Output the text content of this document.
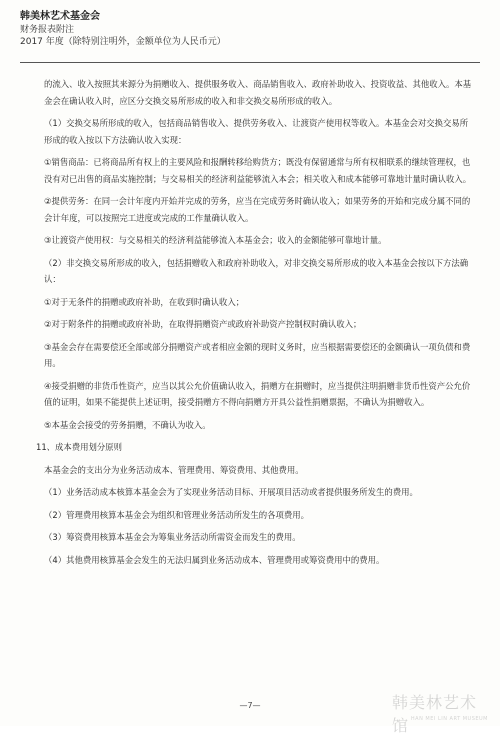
韩美林艺术基金会
财务报表附注
2017 年度（除特别注明外，金额单位为人民币元）

的流入、收入按照其来源分为捐赠收入、提供服务收入、商品销售收入、政府补助收入、投资收益、其他收入。本基金会在确认收入时，应区分交换交易所形成的收入和非交换交易所形成的收入。

（1）交换交易所形成的收入，包括商品销售收入、提供劳务收入、让渡资产使用权等收入。本基金会对交换交易所形成的收入按以下方法确认收入实现：

①销售商品：已将商品所有权上的主要风险和报酬转移给购货方；既没有保留通常与所有权相联系的继续管理权，也没有对已出售的商品实施控制；与交易相关的经济利益能够流入本会；相关收入和成本能够可靠地计量时确认收入。

②提供劳务：在同一会计年度内开始并完成的劳务，应当在完成劳务时确认收入；如果劳务的开始和完成分属不同的会计年度，可以按照完工进度或完成的工作量确认收入。

③让渡资产使用权：与交易相关的经济利益能够流入本基金会；收入的金额能够可靠地计量。

（2）非交换交易所形成的收入，包括捐赠收入和政府补助收入，对非交换交易所形成的收入本基金会按以下方法确认：

①对于无条件的捐赠或政府补助，在收到时确认收入；

②对于附条件的捐赠或政府补助，在取得捐赠资产或政府补助资产控制权时确认收入；

③基金会存在需要偿还全部或部分捐赠资产或者相应金额的现时义务时，应当根据需要偿还的金额确认一项负债和费用。

④接受捐赠的非货币性资产，应当以其公允价值确认收入，捐赠方在捐赠时，应当提供注明捐赠非货币性资产公允价值的证明，如果不能提供上述证明，接受捐赠方不得向捐赠方开具公益性捐赠票据，不确认为捐赠收入。

⑤本基金会接受的劳务捐赠，不确认为收入。

11、成本费用划分原则

本基金会的支出分为业务活动成本、管理费用、筹资费用、其他费用。

（1）业务活动成本核算本基金会为了实现业务活动目标、开展项目活动或者提供服务所发生的费用。

（2）管理费用核算本基金会为组织和管理业务活动所发生的各项费用。

（3）筹资费用核算本基金会为筹集业务活动所需资金而发生的费用。

（4）其他费用核算基金会发生的无法归属到业务活动成本、管理费用或筹资费用中的费用。

—7—	韩美林艺术馆 HAN MEI LIN ART MUSEUM
